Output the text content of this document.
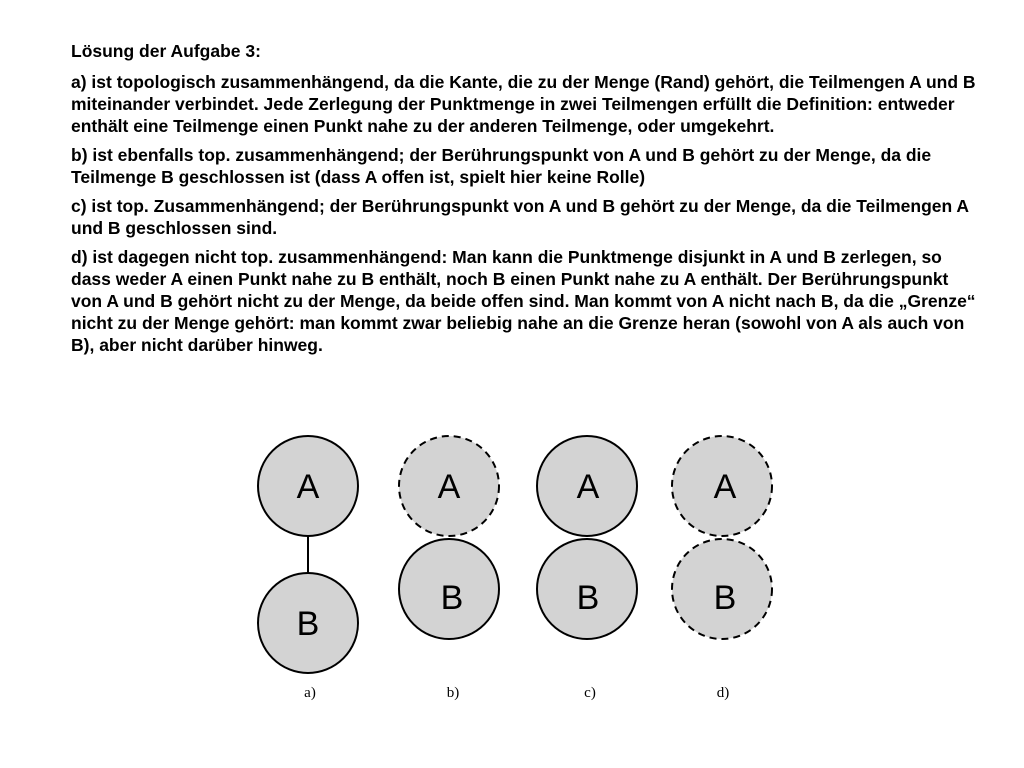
Lösung der Aufgabe 3:

a) ist topologisch zusammenhängend, da die Kante, die zu der Menge (Rand) gehört, die Teilmengen A und B miteinander verbindet. Jede Zerlegung der Punktmenge in zwei Teilmengen erfüllt die Definition: entweder enthält eine Teilmenge einen Punkt nahe zu der anderen Teilmenge, oder umgekehrt.

b) ist ebenfalls top. zusammenhängend; der Berührungspunkt von A und B gehört zu der Menge, da die Teilmenge B geschlossen ist (dass A offen ist, spielt hier keine Rolle)

c) ist top. Zusammenhängend; der Berührungspunkt von A und B gehört zu der Menge, da die Teilmengen A und B geschlossen sind.

d) ist dagegen nicht top. zusammenhängend: Man kann die Punktmenge disjunkt in A und B zerlegen, so dass weder A einen Punkt nahe zu B enthält, noch B einen Punkt nahe zu A enthält. Der Berührungspunkt von A und B gehört nicht zu der Menge, da beide offen sind. Man kommt von A nicht nach B, da die „Grenze“ nicht zu der Menge gehört: man kommt zwar beliebig nahe an die Grenze heran (sowohl von A als auch von B), aber nicht darüber hinweg.

A
B
a)
A
B
b)
A
B
c)
A
B
d)
